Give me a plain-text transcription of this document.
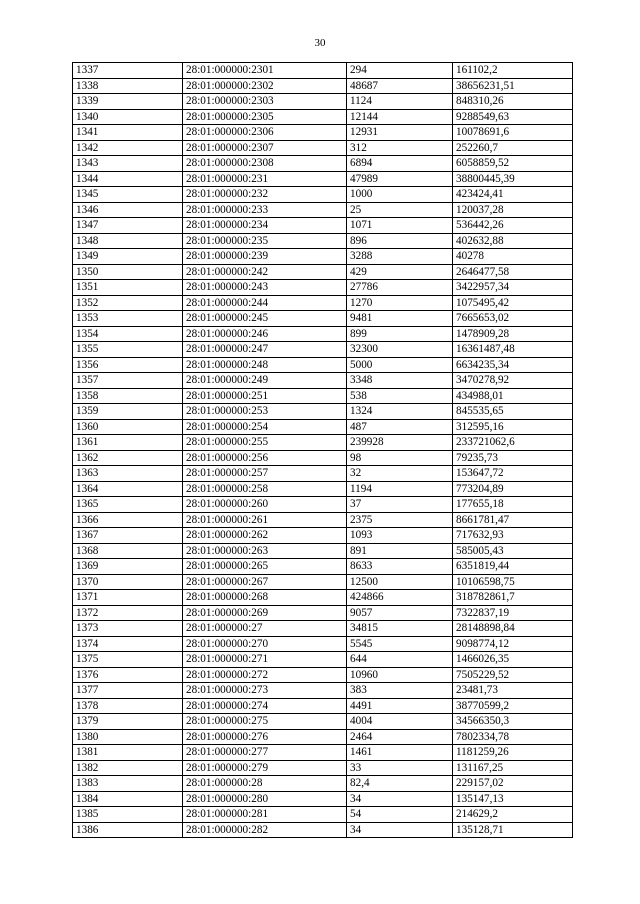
30
1337	28:01:000000:2301	294	161102,2
1338	28:01:000000:2302	48687	38656231,51
1339	28:01:000000:2303	1124	848310,26
1340	28:01:000000:2305	12144	9288549,63
1341	28:01:000000:2306	12931	10078691,6
1342	28:01:000000:2307	312	252260,7
1343	28:01:000000:2308	6894	6058859,52
1344	28:01:000000:231	47989	38800445,39
1345	28:01:000000:232	1000	423424,41
1346	28:01:000000:233	25	120037,28
1347	28:01:000000:234	1071	536442,26
1348	28:01:000000:235	896	402632,88
1349	28:01:000000:239	3288	40278
1350	28:01:000000:242	429	2646477,58
1351	28:01:000000:243	27786	3422957,34
1352	28:01:000000:244	1270	1075495,42
1353	28:01:000000:245	9481	7665653,02
1354	28:01:000000:246	899	1478909,28
1355	28:01:000000:247	32300	16361487,48
1356	28:01:000000:248	5000	6634235,34
1357	28:01:000000:249	3348	3470278,92
1358	28:01:000000:251	538	434988,01
1359	28:01:000000:253	1324	845535,65
1360	28:01:000000:254	487	312595,16
1361	28:01:000000:255	239928	233721062,6
1362	28:01:000000:256	98	79235,73
1363	28:01:000000:257	32	153647,72
1364	28:01:000000:258	1194	773204,89
1365	28:01:000000:260	37	177655,18
1366	28:01:000000:261	2375	8661781,47
1367	28:01:000000:262	1093	717632,93
1368	28:01:000000:263	891	585005,43
1369	28:01:000000:265	8633	6351819,44
1370	28:01:000000:267	12500	10106598,75
1371	28:01:000000:268	424866	318782861,7
1372	28:01:000000:269	9057	7322837,19
1373	28:01:000000:27	34815	28148898,84
1374	28:01:000000:270	5545	9098774,12
1375	28:01:000000:271	644	1466026,35
1376	28:01:000000:272	10960	7505229,52
1377	28:01:000000:273	383	23481,73
1378	28:01:000000:274	4491	38770599,2
1379	28:01:000000:275	4004	34566350,3
1380	28:01:000000:276	2464	7802334,78
1381	28:01:000000:277	1461	1181259,26
1382	28:01:000000:279	33	131167,25
1383	28:01:000000:28	82,4	229157,02
1384	28:01:000000:280	34	135147,13
1385	28:01:000000:281	54	214629,2
1386	28:01:000000:282	34	135128,71
